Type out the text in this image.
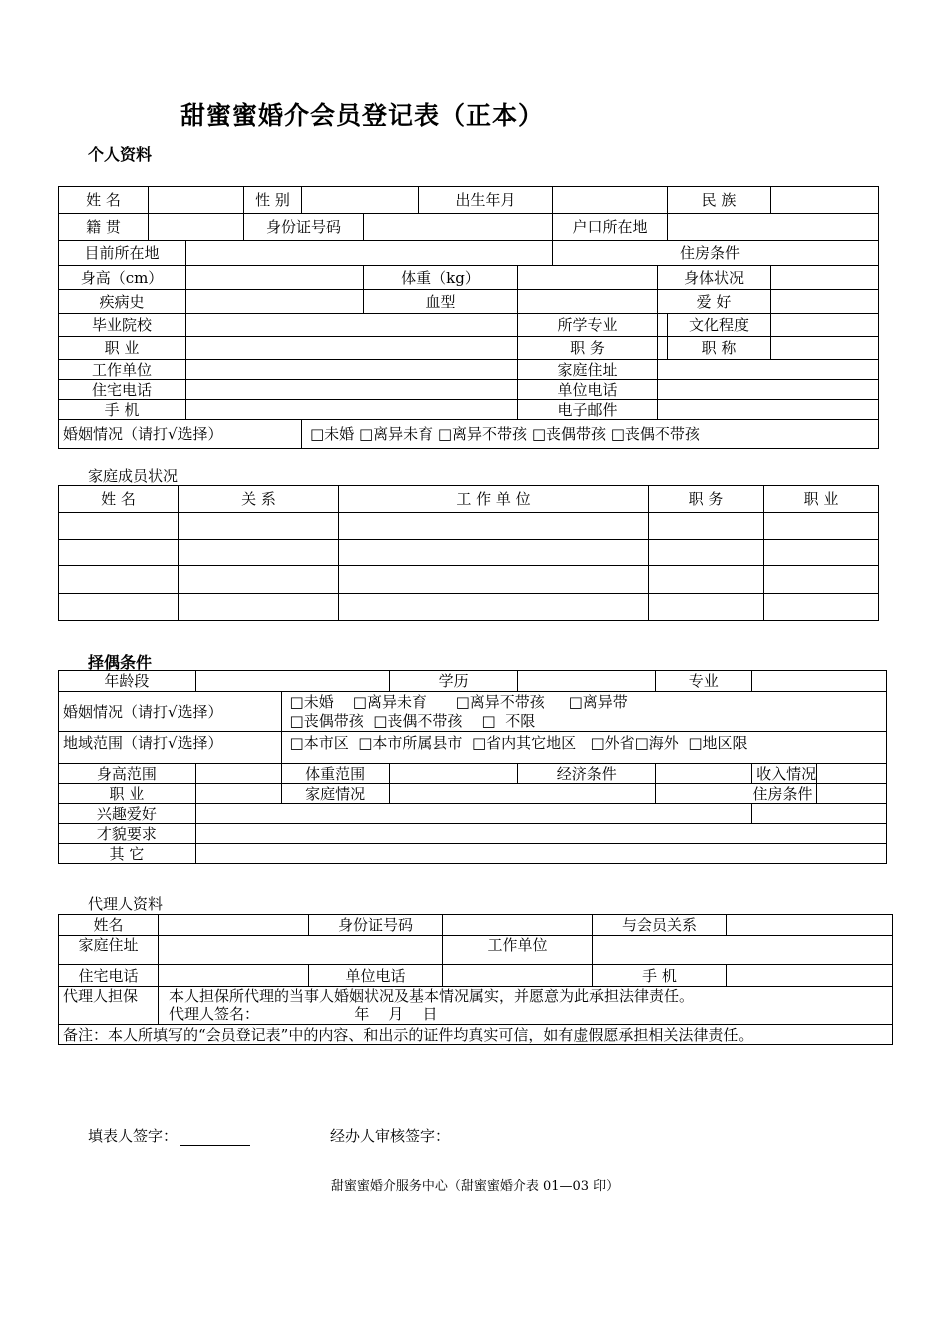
甜蜜蜜婚介会员登记表（正本）
个人资料
姓 名			性 别			出生年月				民 族	
籍 贯			身份证号码					户口所在地			
目前所在地								住房条件			
身高（cm）					体重（kg）				身体状况		
疾病史					血型				爱 好		
毕业院校							所学专业			文化程度	
职 业							职 务			职 称	
工作单位							家庭住址				
住宅电话							单位电话				
手 机							电子邮件				
婚姻情况（请打√选择）				□未婚 □离异未育 □离异不带孩 □丧偶带孩 □丧偶不带孩							
家庭成员状况
姓 名	关 系	工 作 单 位	职 务	职 业

择偶条件
年龄段			学历		专业		
婚姻情况（请打√选择）		□未婚    □离异未育      □离异不带孩     □离异带
□丧偶带孩  □丧偶不带孩    □  不限					

地域范围（请打√选择）		□本市区  □本市所属县市  □省内其它地区   □外省□海外  □地区限					
身高范围		体重范围		经济条件		收入情况	
职 业		家庭情况			住房条件		
兴趣爱好							
才貌要求							
其 它							
代理人资料
姓名		身份证号码		与会员关系	
家庭住址			工作单位		
住宅电话		单位电话		手 机	
代理人担保	本人担保所代理的当事人婚姻状况及基本情况属实，并愿意为此承担法律责任。
代理人签名：                    年    月    日				

备注：本人所填写的“会员登记表”中的内容、和出示的证件均真实可信，如有虚假愿承担相关法律责任。					
填表人签字：	经办人审核签字：
甜蜜蜜婚介服务中心（甜蜜蜜婚介表 01—03 印）
